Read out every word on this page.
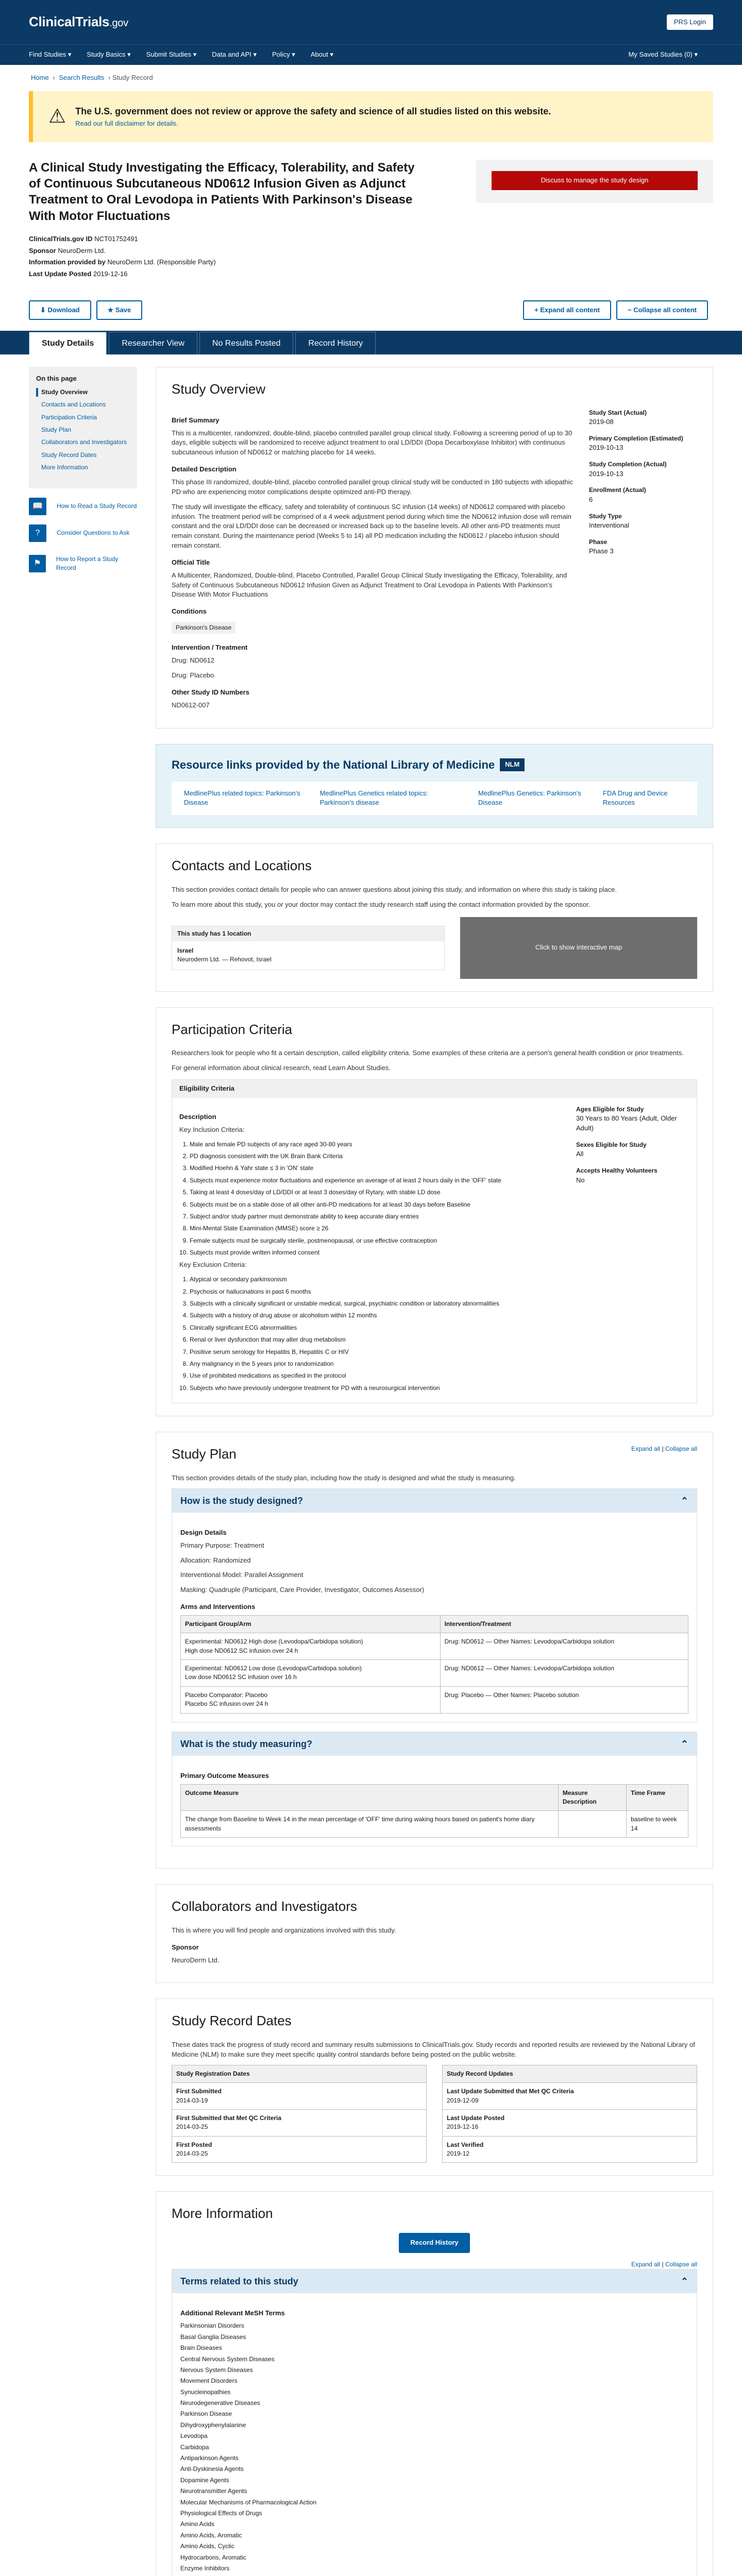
ClinicalTrials.gov	PRS Login
Find Studies ▾ Study Basics ▾ Submit Studies ▾ Data and API ▾ Policy ▾ About ▾	My Saved Studies (0) ▾
Home › Search Results › Study Record
⚠ The U.S. government does not review or approve the safety and science of all studies listed on this website.
Read our full disclaimer for details.
A Clinical Study Investigating the Efficacy, Tolerability, and Safety of Continuous Subcutaneous ND0612 Infusion Given as Adjunct Treatment to Oral Levodopa in Patients With Parkinson's Disease With Motor Fluctuations
Discuss to manage the study design
ClinicalTrials.gov ID NCT01752491
Sponsor NeuroDerm Ltd.
Information provided by NeuroDerm Ltd. (Responsible Party)
Last Update Posted 2019-12-16
⬇ Download	★ Save	+ Expand all content	− Collapse all content
Study Details	Researcher View	No Results Posted	Record History
On this page
Study Overview
Contacts and Locations
Participation Criteria
Study Plan
Collaborators and Investigators
Study Record Dates
More Information
📖	How to Read a Study Record
?	Consider Questions to Ask
⚑
How to Report a Study Record
Study Overview
Brief Summary

This is a multicenter, randomized, double-blind, placebo controlled parallel group clinical study. Following a screening period of up to 30 days, eligible subjects will be randomized to receive adjunct treatment to oral LD/DDI (Dopa Decarboxylase Inhibitor) with continuous subcutaneous infusion of ND0612 or matching placebo for 14 weeks.

Detailed Description

This phase III randomized, double-blind, placebo controlled parallel group clinical study will be conducted in 180 subjects with idiopathic PD who are experiencing motor complications despite optimized anti-PD therapy.

The study will investigate the efficacy, safety and tolerability of continuous SC infusion (14 weeks) of ND0612 compared with placebo infusion. The treatment period will be comprised of a 4 week adjustment period during which time the ND0612 infusion dose will remain constant and the oral LD/DDI dose can be decreased or increased back up to the baseline levels. All other anti-PD treatments must remain constant. During the maintenance period (Weeks 5 to 14) all PD medication including the ND0612 / placebo infusion should remain constant.

Official Title

A Multicenter, Randomized, Double-blind, Placebo Controlled, Parallel Group Clinical Study Investigating the Efficacy, Tolerability, and Safety of Continuous Subcutaneous ND0612 Infusion Given as Adjunct Treatment to Oral Levodopa in Patients With Parkinson's Disease With Motor Fluctuations

Conditions
Parkinson's Disease
Intervention / Treatment

Drug: ND0612

Drug: Placebo

Other Study ID Numbers

ND0612-007

Study Start (Actual)
2019-08
Primary Completion (Estimated)
2019-10-13
Study Completion (Actual)
2019-10-13
Enrollment (Actual)
6
Study Type
Interventional
Phase
Phase 3
Resource links provided by the National Library of Medicine	NLM
MedlinePlus related topics: Parkinson's Disease
MedlinePlus Genetics related topics: Parkinson's disease
MedlinePlus Genetics: Parkinson's Disease
FDA Drug and Device Resources
Contacts and Locations

This section provides contact details for people who can answer questions about joining this study, and information on where this study is taking place.

To learn more about this study, you or your doctor may contact the study research staff using the contact information provided by the sponsor.

This study has 1 location
Israel
Neuroderm Ltd. — Rehovot, Israel
Click to show interactive map
Participation Criteria

Researchers look for people who fit a certain description, called eligibility criteria. Some examples of these criteria are a person's general health condition or prior treatments.

For general information about clinical research, read Learn About Studies.

Eligibility Criteria
Description

Key Inclusion Criteria:

1. Male and female PD subjects of any race aged 30-80 years
2. PD diagnosis consistent with the UK Brain Bank Criteria
3. Modified Hoehn & Yahr state ≤ 3 in 'ON' state
4. Subjects must experience motor fluctuations and experience an average of at least 2 hours daily in the 'OFF' state
5. Taking at least 4 doses/day of LD/DDI or at least 3 doses/day of Rytary, with stable LD dose
6. Subjects must be on a stable dose of all other anti-PD medications for at least 30 days before Baseline
7. Subject and/or study partner must demonstrate ability to keep accurate diary entries
8. Mini-Mental State Examination (MMSE) score ≥ 26
9. Female subjects must be surgically sterile, postmenopausal, or use effective contraception
10. Subjects must provide written informed consent

Key Exclusion Criteria:

1. Atypical or secondary parkinsonism
2. Psychosis or hallucinations in past 6 months
3. Subjects with a clinically significant or unstable medical, surgical, psychiatric condition or laboratory abnormalities
4. Subjects with a history of drug abuse or alcoholism within 12 months
5. Clinically significant ECG abnormalities
6. Renal or liver dysfunction that may alter drug metabolism
7. Positive serum serology for Hepatitis B, Hepatitis C or HIV
8. Any malignancy in the 5 years prior to randomization
9. Use of prohibited medications as specified in the protocol
10. Subjects who have previously undergone treatment for PD with a neurosurgical intervention
Ages Eligible for Study
30 Years to 80 Years (Adult, Older Adult)
Sexes Eligible for Study
All
Accepts Healthy Volunteers
No
Expand all | Collapse all
Study Plan

This section provides details of the study plan, including how the study is designed and what the study is measuring.

How is the study designed?	⌃
Design Details

Primary Purpose: Treatment

Allocation: Randomized

Interventional Model: Parallel Assignment

Masking: Quadruple (Participant, Care Provider, Investigator, Outcomes Assessor)

Arms and Interventions
Participant Group/Arm	Intervention/Treatment
Experimental: ND0612 High dose (Levodopa/Carbidopa solution)
High dose ND0612 SC infusion over 24 h	Drug: ND0612 — Other Names: Levodopa/Carbidopa solution
Experimental: ND0612 Low dose (Levodopa/Carbidopa solution)
Low dose ND0612 SC infusion over 16 h	Drug: ND0612 — Other Names: Levodopa/Carbidopa solution
Placebo Comparator: Placebo
Placebo SC infusion over 24 h	Drug: Placebo — Other Names: Placebo solution
What is the study measuring?	⌃
Primary Outcome Measures
Outcome Measure	Measure Description	Time Frame
The change from Baseline to Week 14 in the mean percentage of 'OFF' time during waking hours based on patient's home diary assessments		baseline to week 14
Collaborators and Investigators

This is where you will find people and organizations involved with this study.

Sponsor

NeuroDerm Ltd.

Study Record Dates

These dates track the progress of study record and summary results submissions to ClinicalTrials.gov. Study records and reported results are reviewed by the National Library of Medicine (NLM) to make sure they meet specific quality control standards before being posted on the public website.

Study Registration Dates
First Submitted
2014-03-19
First Submitted that Met QC Criteria
2014-03-25
First Posted
2014-03-25
Study Record Updates
Last Update Submitted that Met QC Criteria
2019-12-09
Last Update Posted
2019-12-16
Last Verified
2019-12
More Information
Record History
Expand all | Collapse all
Terms related to this study	⌃
Additional Relevant MeSH Terms
Parkinsonian Disorders
Basal Ganglia Diseases
Brain Diseases
Central Nervous System Diseases
Nervous System Diseases
Movement Disorders
Synucleinopathies
Neurodegenerative Diseases
Parkinson Disease
Dihydroxyphenylalanine
Levodopa
Carbidopa
Antiparkinson Agents
Anti-Dyskinesia Agents
Dopamine Agents
Neurotransmitter Agents
Molecular Mechanisms of Pharmacological Action
Physiological Effects of Drugs
Amino Acids
Amino Acids, Aromatic
Amino Acids, Cyclic
Hydrocarbons, Aromatic
Enzyme Inhibitors
